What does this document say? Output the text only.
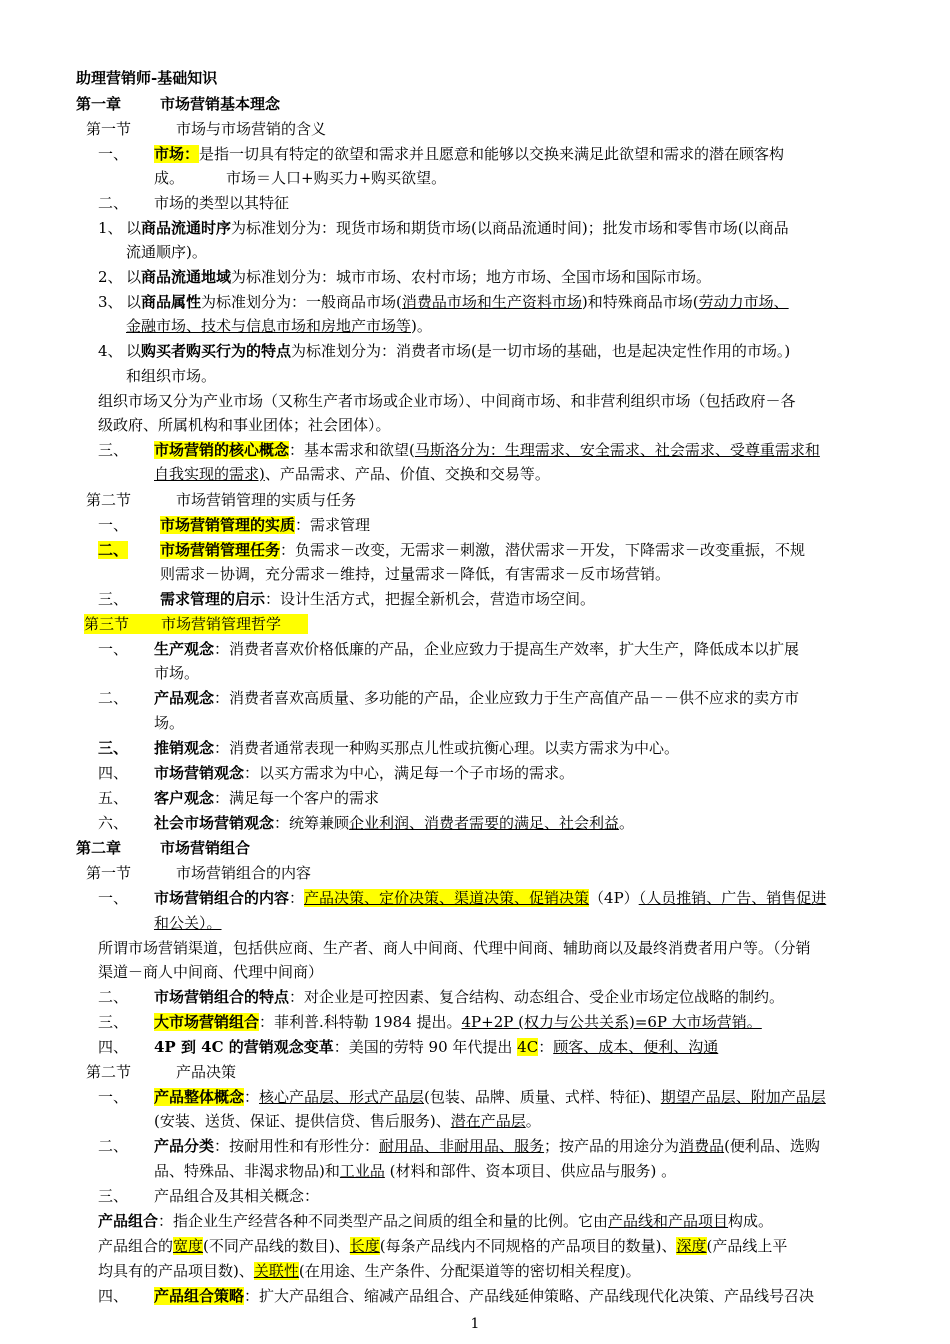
助理营销师-基础知识
第一章	市场营销基本理念
第一节	市场与市场营销的含义
一、 市场：是指一切具有特定的欲望和需求并且愿意和能够以交换来满足此欲望和需求的潜在顾客构
成。	市场＝人口+购买力+购买欲望。
二、 市场的类型以其特征
1、 以商品流通时序为标准划分为：现货市场和期货市场(以商品流通时间)；批发市场和零售市场(以商品
流通顺序)。
2、 以商品流通地域为标准划分为：城市市场、农村市场；地方市场、全国市场和国际市场。
3、 以商品属性为标准划分为：一般商品市场(消费品市场和生产资料市场)和特殊商品市场(劳动力市场、
金融市场、技术与信息市场和房地产市场等)。
4、 以购买者购买行为的特点为标准划分为：消费者市场(是一切市场的基础，也是起决定性作用的市场。)
和组织市场。
组织市场又分为产业市场（又称生产者市场或企业市场）、中间商市场、和非营利组织市场（包括政府－各
级政府、所属机构和事业团体；社会团体）。
三、 市场营销的核心概念：基本需求和欲望(马斯洛分为：生理需求、安全需求、社会需求、受尊重需求和
自我实现的需求)、产品需求、产品、价值、交换和交易等。
第二节	市场营销管理的实质与任务
一、 市场营销管理的实质：需求管理
二、 市场营销管理任务：负需求－改变，无需求－刺激，潜伏需求－开发，下降需求－改变重振，不规
则需求－协调，充分需求－维持，过量需求－降低，有害需求－反市场营销。
三、 需求管理的启示：设计生活方式，把握全新机会，营造市场空间。
第三节 市场营销管理哲学
一、 生产观念：消费者喜欢价格低廉的产品，企业应致力于提高生产效率，扩大生产，降低成本以扩展
市场。
二、 产品观念：消费者喜欢高质量、多功能的产品，企业应致力于生产高值产品－－供不应求的卖方市
场。
三、 推销观念：消费者通常表现一种购买那点儿性或抗衡心理。以卖方需求为中心。
四、 市场营销观念：以买方需求为中心，满足每一个子市场的需求。
五、 客户观念：满足每一个客户的需求
六、 社会市场营销观念：统筹兼顾企业利润、消费者需要的满足、社会利益。
第二章	市场营销组合
第一节	市场营销组合的内容
一、 市场营销组合的内容：产品决策、定价决策、渠道决策、促销决策（4P）（人员推销、广告、销售促进
和公关）。
所谓市场营销渠道，包括供应商、生产者、商人中间商、代理中间商、辅助商以及最终消费者用户等。（分销
渠道－商人中间商、代理中间商）
二、 市场营销组合的特点：对企业是可控因素、复合结构、动态组合、受企业市场定位战略的制约。
三、 大市场营销组合：菲利普.科特勒 1984 提出。4P+2P (权力与公共关系)=6P 大市场营销。
四、 4P 到 4C 的营销观念变革：美国的劳特 90 年代提出 4C：顾客、成本、便利、沟通
第二节	产品决策
一、 产品整体概念：核心产品层、形式产品层(包装、品牌、质量、式样、特征)、期望产品层、附加产品层
(安装、送货、保证、提供信贷、售后服务)、潜在产品层。
二、 产品分类：按耐用性和有形性分：耐用品、非耐用品、服务；按产品的用途分为消费品(便利品、选购
品、特殊品、非渴求物品)和工业品 (材料和部件、资本项目、供应品与服务) 。
三、 产品组合及其相关概念：
产品组合：指企业生产经营各种不同类型产品之间质的组全和量的比例。它由产品线和产品项目构成。
产品组合的宽度(不同产品线的数目)、长度(每条产品线内不同规格的产品项目的数量)、深度(产品线上平
均具有的产品项目数)、关联性(在用途、生产条件、分配渠道等的密切相关程度)。
四、 产品组合策略：扩大产品组合、缩减产品组合、产品线延伸策略、产品线现代化决策、产品线号召决
1
